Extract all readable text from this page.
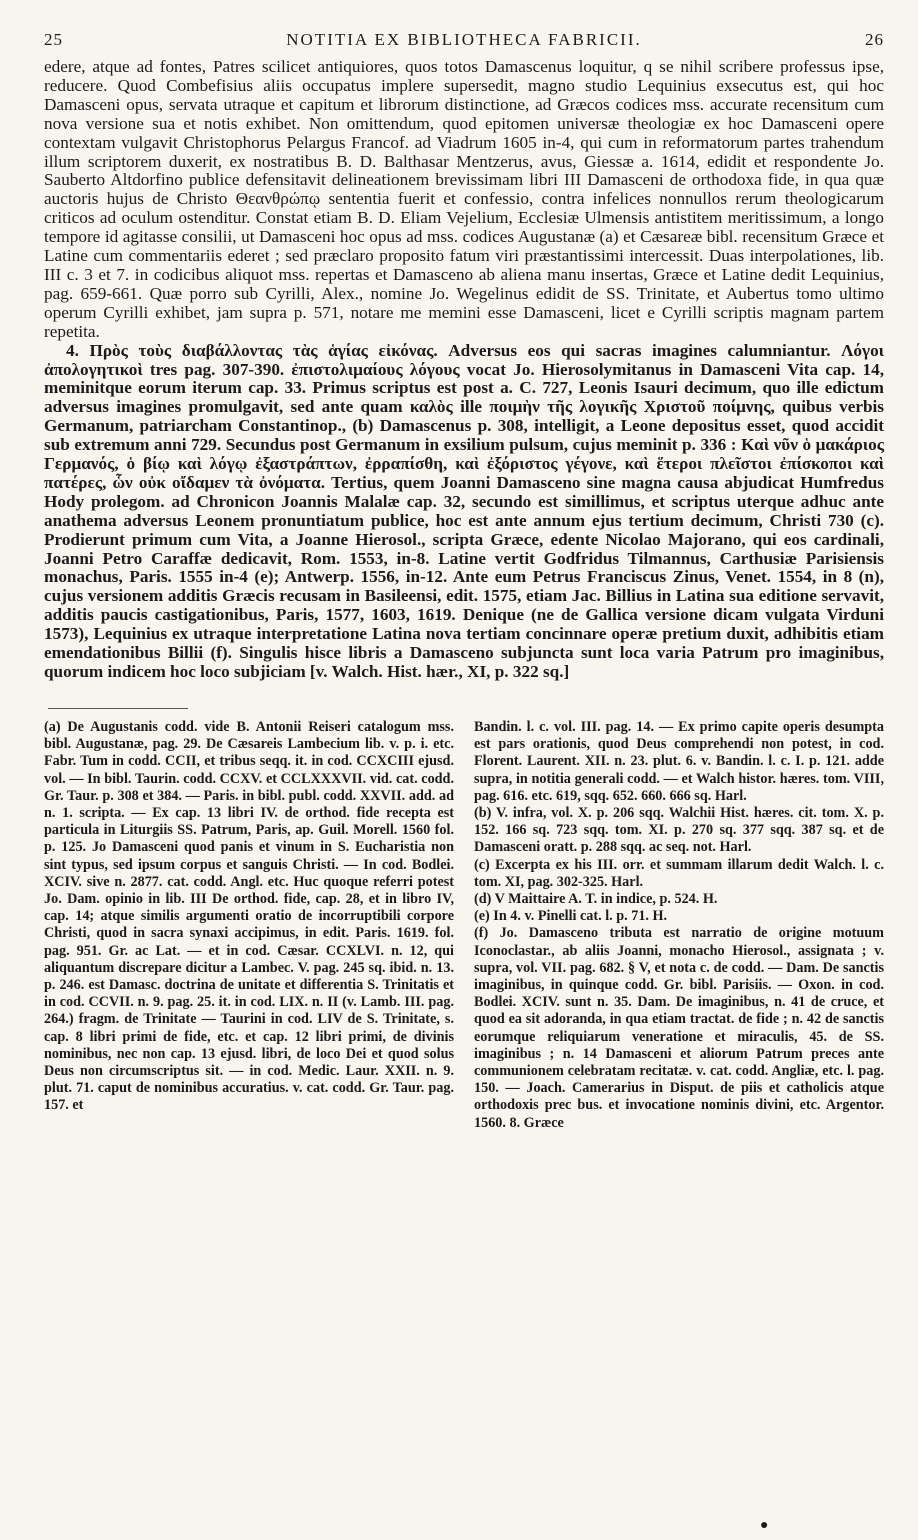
25	NOTITIA EX BIBLIOTHECA FABRICII.	26

edere, atque ad fontes, Patres scilicet antiquiores, quos totos Damascenus loquitur, q se nihil scribere professus ipse, reducere. Quod Combefisius aliis occupatus implere supersedit, magno studio Lequinius exsecutus est, qui hoc Damasceni opus, servata utraque et capitum et librorum distinctione, ad Græcos codices mss. accurate recensitum cum nova versione sua et notis exhibet. Non omittendum, quod epitomen universæ theologiæ ex hoc Damasceni opere contextam vulgavit Christophorus Pelargus Francof. ad Viadrum 1605 in-4, qui cum in reformatorum partes trahendum illum scriptorem duxerit, ex nostratibus B. D. Balthasar Mentzerus, avus, Giessæ a. 1614, edidit et respondente Jo. Sauberto Altdorfino publice defensitavit delineationem brevissimam libri III Damasceni de orthodoxa fide, in qua quæ auctoris hujus de Christo Θεανθρώπῳ sententia fuerit et confessio, contra infelices nonnullos rerum theologicarum criticos ad oculum ostenditur. Constat etiam B. D. Eliam Vejelium, Ecclesiæ Ulmensis antistitem meritissimum, a longo tempore id agitasse consilii, ut Damasceni hoc opus ad mss. codices Augustanæ (a) et Cæsareæ bibl. recensitum Græce et Latine cum commentariis ederet ; sed præclaro proposito fatum viri præstantissimi intercessit. Duas interpolationes, lib. III c. 3 et 7. in codicibus aliquot mss. repertas et Damasceno ab aliena manu insertas, Græce et Latine dedit Lequinius, pag. 659-661. Quæ porro sub Cyrilli, Alex., nomine Jo. Wegelinus edidit de SS. Trinitate, et Aubertus tomo ultimo operum Cyrilli exhibet, jam supra p. 571, notare me memini esse Damasceni, licet e Cyrilli scriptis magnam partem repetita.

4. Πρὸς τοὺς διαβάλλοντας τὰς ἁγίας εἰκόνας. Adversus eos qui sacras imagines calumniantur. Λόγοι ἀπολογητικοὶ tres pag. 307-390. ἐπιστολιμαίους λόγους vocat Jo. Hierosolymitanus in Damasceni Vita cap. 14, meminitque eorum iterum cap. 33. Primus scriptus est post a. C. 727, Leonis Isauri decimum, quo ille edictum adversus imagines promulgavit, sed ante quam καλὸς ille ποιμὴν τῆς λογικῆς Χριστοῦ ποίμνης, quibus verbis Germanum, patriarcham Constantinop., (b) Damascenus p. 308, intelligit, a Leone depositus esset, quod accidit sub extremum anni 729. Secundus post Germanum in exsilium pulsum, cujus meminit p. 336 : Καὶ νῦν ὁ μακάριος Γερμανός, ὁ βίῳ καὶ λόγῳ ἐξαστράπτων, ἐρραπίσθη, καὶ ἐξόριστος γέγονε, καὶ ἕτεροι πλεῖστοι ἐπίσκοποι καὶ πατέρες, ὧν οὐκ οἴδαμεν τὰ ὀνόματα. Tertius, quem Joanni Damasceno sine magna causa abjudicat Humfredus Hody prolegom. ad Chronicon Joannis Malalæ cap. 32, secundo est simillimus, et scriptus uterque adhuc ante anathema adversus Leonem pronuntiatum publice, hoc est ante annum ejus tertium decimum, Christi 730 (c). Prodierunt primum cum Vita, a Joanne Hierosol., scripta Græce, edente Nicolao Majorano, qui eos cardinali, Joanni Petro Caraffæ dedicavit, Rom. 1553, in-8. Latine vertit Godfridus Tilmannus, Carthusiæ Parisiensis monachus, Paris. 1555 in-4 (e); Antwerp. 1556, in-12. Ante eum Petrus Franciscus Zinus, Venet. 1554, in 8 (n), cujus versionem additis Græcis recusam in Basileensi, edit. 1575, etiam Jac. Billius in Latina sua editione servavit, additis paucis castigationibus, Paris, 1577, 1603, 1619. Denique (ne de Gallica versione dicam vulgata Virduni 1573), Lequinius ex utraque interpretatione Latina nova tertiam concinnare operæ pretium duxit, adhibitis etiam emendationibus Billii (f). Singulis hisce libris a Damasceno subjuncta sunt loca varia Patrum pro imaginibus, quorum indicem hoc loco subjiciam [v. Walch. Hist. hær., XI, p. 322 sq.]

(a) De Augustanis codd. vide B. Antonii Reiseri catalogum mss. bibl. Augustanæ, pag. 29. De Cæsareis Lambecium lib. v. p. i. etc. Fabr. Tum in codd. CCII, et tribus seqq. it. in cod. CCXCIII ejusd. vol. — In bibl. Taurin. codd. CCXV. et CCLXXXVII. vid. cat. codd. Gr. Taur. p. 308 et 384. — Paris. in bibl. publ. codd. XXVII. add. ad n. 1. scripta. — Ex cap. 13 libri IV. de orthod. fide recepta est particula in Liturgiis SS. Patrum, Paris, ap. Guil. Morell. 1560 fol. p. 125. Jo Damasceni quod panis et vinum in S. Eucharistia non sint typus, sed ipsum corpus et sanguis Christi. — In cod. Bodlei. XCIV. sive n. 2877. cat. codd. Angl. etc. Huc quoque referri potest Jo. Dam. opinio in lib. III De orthod. fide, cap. 28, et in libro IV, cap. 14; atque similis argumenti oratio de incorruptibili corpore Christi, quod in sacra synaxi accipimus, in edit. Paris. 1619. fol. pag. 951. Gr. ac Lat. — et in cod. Cæsar. CCXLVI. n. 12, qui aliquantum discrepare dicitur a Lambec. V. pag. 245 sq. ibid. n. 13. p. 246. est Damasc. doctrina de unitate et differentia S. Trinitatis et in cod. CCVII. n. 9. pag. 25. it. in cod. LIX. n. II (v. Lamb. III. pag. 264.) fragm. de Trinitate — Taurini in cod. LIV de S. Trinitate, s. cap. 8 libri primi de fide, etc. et cap. 12 libri primi, de divinis nominibus, nec non cap. 13 ejusd. libri, de loco Dei et quod solus Deus non circumscriptus sit. — in cod. Medic. Laur. XXII. n. 9. plut. 71. caput de nominibus accuratius. v. cat. codd. Gr. Taur. pag. 157. et

Bandin. l. c. vol. III. pag. 14. — Ex primo capite operis desumpta est pars orationis, quod Deus comprehendi non potest, in cod. Florent. Laurent. XII. n. 23. plut. 6. v. Bandin. l. c. I. p. 121. adde supra, in notitia generali codd. — et Walch histor. hæres. tom. VIII, pag. 616. etc. 619, sqq. 652. 660. 666 sq. Harl.

(b) V. infra, vol. X. p. 206 sqq. Walchii Hist. hæres. cit. tom. X. p. 152. 166 sq. 723 sqq. tom. XI. p. 270 sq. 377 sqq. 387 sq. et de Damasceni oratt. p. 288 sqq. ac seq. not. Harl.

(c) Excerpta ex his III. orr. et summam illarum dedit Walch. l. c. tom. XI, pag. 302-325. Harl.

(d) V Maittaire A. T. in indice, p. 524. H.

(e) In 4. v. Pinelli cat. l. p. 71. H.

(f) Jo. Damasceno tributa est narratio de origine motuum Iconoclastar., ab aliis Joanni, monacho Hierosol., assignata ; v. supra, vol. VII. pag. 682. § V, et nota c. de codd. — Dam. De sanctis imaginibus, in quinque codd. Gr. bibl. Parisiis. — Oxon. in cod. Bodlei. XCIV. sunt n. 35. Dam. De imaginibus, n. 41 de cruce, et quod ea sit adoranda, in qua etiam tractat. de fide ; n. 42 de sanctis eorumque reliquiarum veneratione et miraculis, 45. de SS. imaginibus ; n. 14 Damasceni et aliorum Patrum preces ante communionem celebratam recitatæ. v. cat. codd. Angliæ, etc. l. pag. 150. — Joach. Camerarius in Disput. de piis et catholicis atque orthodoxis prec bus. et invocatione nominis divini, etc. Argentor. 1560. 8. Græce

●
